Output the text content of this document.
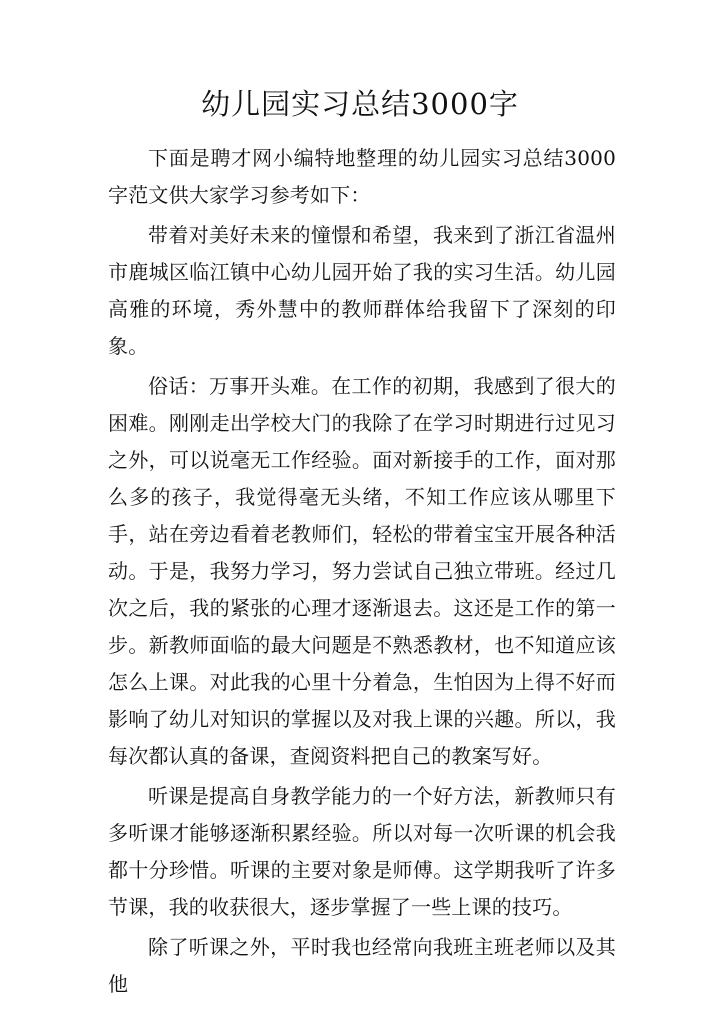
幼儿园实习总结3000字

下面是聘才网小编特地整理的幼儿园实习总结3000字范文供大家学习参考如下：

带着对美好未来的憧憬和希望，我来到了浙江省温州市鹿城区临江镇中心幼儿园开始了我的实习生活。幼儿园高雅的环境，秀外慧中的教师群体给我留下了深刻的印象。

俗话：万事开头难。在工作的初期，我感到了很大的困难。刚刚走出学校大门的我除了在学习时期进行过见习之外，可以说毫无工作经验。面对新接手的工作，面对那么多的孩子，我觉得毫无头绪，不知工作应该从哪里下手，站在旁边看着老教师们，轻松的带着宝宝开展各种活动。于是，我努力学习，努力尝试自己独立带班。经过几次之后，我的紧张的心理才逐渐退去。这还是工作的第一步。新教师面临的最大问题是不熟悉教材，也不知道应该怎么上课。对此我的心里十分着急，生怕因为上得不好而影响了幼儿对知识的掌握以及对我上课的兴趣。所以，我每次都认真的备课，查阅资料把自己的教案写好。

听课是提高自身教学能力的一个好方法，新教师只有多听课才能够逐渐积累经验。所以对每一次听课的机会我都十分珍惜。听课的主要对象是师傅。这学期我听了许多节课，我的收获很大，逐步掌握了一些上课的技巧。

除了听课之外，平时我也经常向我班主班老师以及其他
